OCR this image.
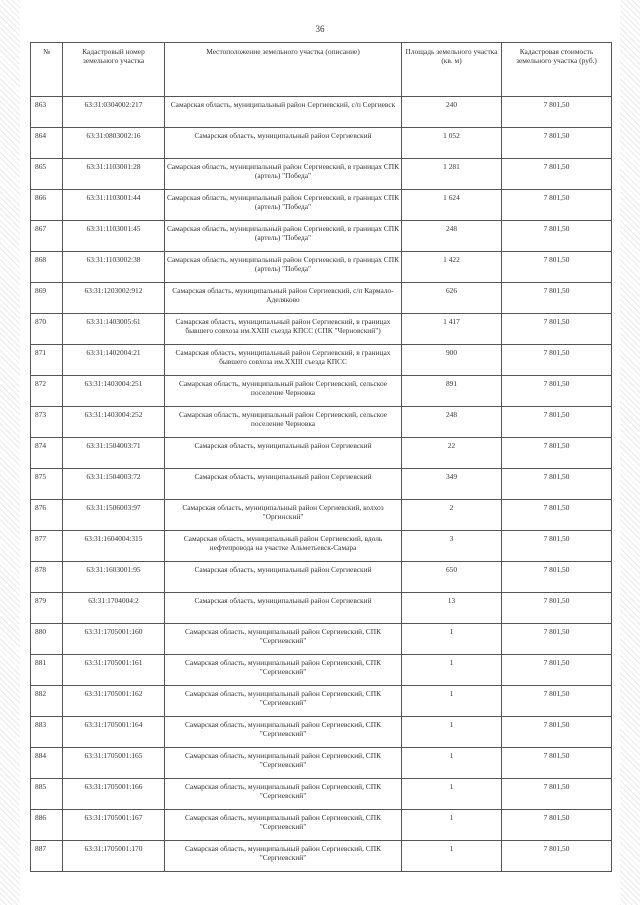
36
№	Кадастровый номер земельного участка	Местоположение земельного участка (описание)	Площадь земельного участка (кв. м)	Кадастровая стоимость земельного участка (руб.)
863	63:31:0304002:217	Самарская область, муниципальный район Сергиевский, с/п Сергиевск	240	7 801,50
864	63:31:0803002:16	Самарская область, муниципальный район Сергиевский	1 052	7 801,50
865	63:31:1103001:28	Самарская область, муниципальный район Сергиевский, в границах СПК (артель) "Победа"	1 281	7 801,50
866	63:31:1103001:44	Самарская область, муниципальный район Сергиевский, в границах СПК (артель) "Победа"	1 624	7 801,50
867	63:31:1103001:45	Самарская область, муниципальный район Сергиевский, в границах СПК (артель) "Победа"	248	7 801,50
868	63:31:1103002:38	Самарская область, муниципальный район Сергиевский, в границах СПК (артель) "Победа"	1 422	7 801,50
869	63:31:1203002:912	Самарская область, муниципальный район Сергиевский, с/п Кармало-Аделяково	626	7 801,50
870	63:31:1403005:61	Самарская область, муниципальный район Сергиевский, в границах бывшего совхоза им.XXIII съезда КПСС (СПК "Черновский")	1 417	7 801,50
871	63:31:1402004:21	Самарская область, муниципальный район Сергиевский, в границах бывшего совхоза им.XXIII съезда КПСС	900	7 801,50
872	63:31:1403004:251	Самарская область, муниципальный район Сергиевский, сельское поселение Черновка	891	7 801,50
873	63:31:1403004:252	Самарская область, муниципальный район Сергиевский, сельское поселение Черновка	248	7 801,50
874	63:31:1504003:71	Самарская область, муниципальный район Сергиевский	22	7 801,50
875	63:31:1504003:72	Самарская область, муниципальный район Сергиевский	349	7 801,50
876	63:31:1506003:97	Самарская область, муниципальный район Сергиевский, колхоз "Оргинский"	2	7 801,50
877	63:31:1604004:315	Самарская область, муниципальный район Сергиевский, вдоль нефтепровода на участке Альметьевск-Самара	3	7 801,50
878	63:31:1603001:95	Самарская область, муниципальный район Сергиевский	650	7 801,50
879	63:31:1704004:2	Самарская область, муниципальный район Сергиевский	13	7 801,50
880	63:31:1705001:160	Самарская область, муниципальный район Сергиевский, СПК "Сергиевский"	1	7 801,50
881	63:31:1705001:161	Самарская область, муниципальный район Сергиевский, СПК "Сергиевский"	1	7 801,50
882	63:31:1705001:162	Самарская область, муниципальный район Сергиевский, СПК "Сергиевский"	1	7 801,50
883	63:31:1705001:164	Самарская область, муниципальный район Сергиевский, СПК "Сергиевский"	1	7 801,50
884	63:31:1705001:165	Самарская область, муниципальный район Сергиевский, СПК "Сергиевский"	1	7 801,50
885	63:31:1705001:166	Самарская область, муниципальный район Сергиевский, СПК "Сергиевский"	1	7 801,50
886	63:31:1705001:167	Самарская область, муниципальный район Сергиевский, СПК "Сергиевский"	1	7 801,50
887	63:31:1705001:170	Самарская область, муниципальный район Сергиевский, СПК "Сергиевский"	1	7 801,50
